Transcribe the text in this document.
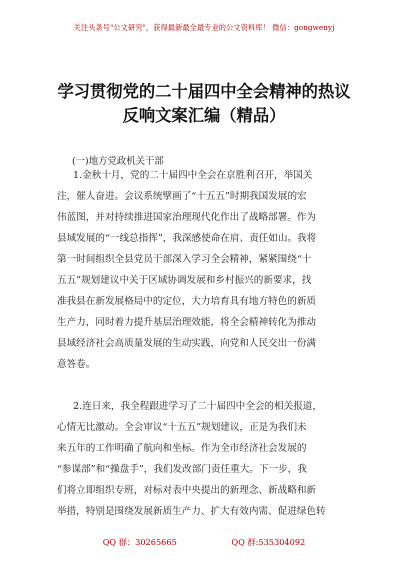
关注头条号"公文研究"，获得最新最全最专业的公文资料库！ 微信：gongwenyj
学习贯彻党的二十届四中全会精神的热议
反响文案汇编（精品）
(一)地方党政机关干部
1.金秋十月，党的二十届四中全会在京胜利召开，举国关
注，催人奋进。会议系统擘画了“十五五”时期我国发展的宏
伟蓝图，并对持续推进国家治理现代化作出了战略部署。作为
县域发展的“一线总指挥”，我深感使命在肩、责任如山。我将
第一时间组织全县党员干部深入学习全会精神，紧紧围绕“十
五五”规划建议中关于区域协调发展和乡村振兴的新要求，找
准我县在新发展格局中的定位，大力培育具有地方特色的新质
生产力，同时着力提升基层治理效能，将全会精神转化为推动
县域经济社会高质量发展的生动实践，向党和人民交出一份满
意答卷。
2.连日来，我全程跟进学习了二十届四中全会的相关报道，
心情无比激动。全会审议“十五五”规划建议，正是为我们未
来五年的工作明确了航向和坐标。作为全市经济社会发展的
“参谋部”和“操盘手”，我们发改部门责任重大。下一步，我
们将立即组织专班，对标对表中央提出的新理念、新战略和新
举措，特别是围绕发展新质生产力、扩大有效内需、促进绿色转
QQ 群：30265665	QQ 群:535304092
